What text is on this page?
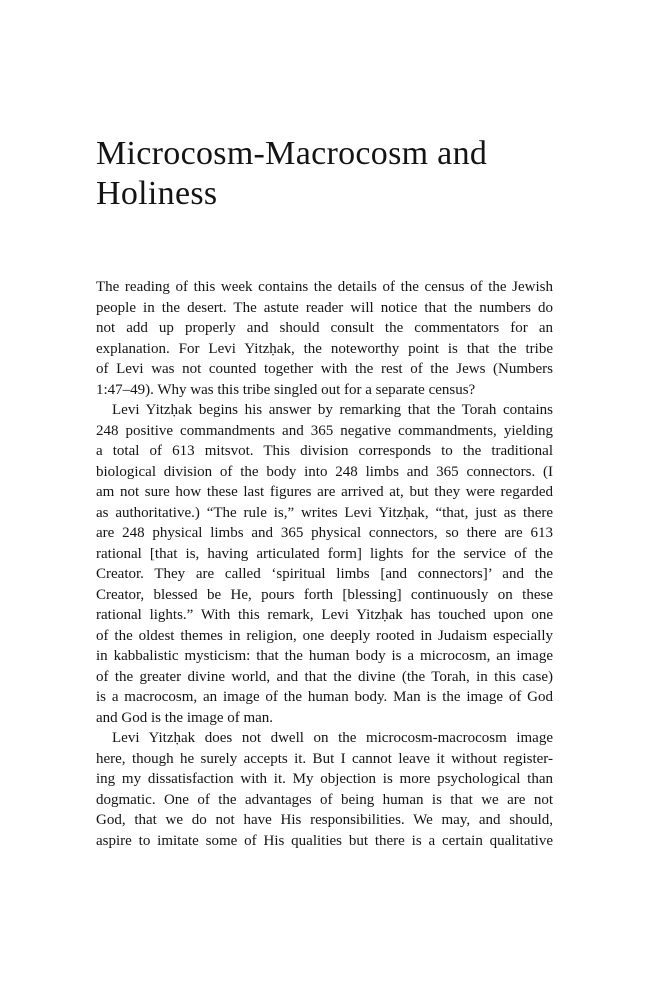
Microcosm-Macrocosm and
Holiness
The reading of this week contains the details of the census of the Jewish
people in the desert. The astute reader will notice that the numbers do
not add up properly and should consult the commentators for an
explanation. For Levi Yitzḥak, the noteworthy point is that the tribe
of Levi was not counted together with the rest of the Jews (Numbers
1:47–49). Why was this tribe singled out for a separate census?
Levi Yitzḥak begins his answer by remarking that the Torah contains
248 positive commandments and 365 negative commandments, yielding
a total of 613 mitsvot. This division corresponds to the traditional
biological division of the body into 248 limbs and 365 connectors. (I
am not sure how these last figures are arrived at, but they were regarded
as authoritative.) “The rule is,” writes Levi Yitzḥak, “that, just as there
are 248 physical limbs and 365 physical connectors, so there are 613
rational [that is, having articulated form] lights for the service of the
Creator. They are called ‘spiritual limbs [and connectors]’ and the
Creator, blessed be He, pours forth [blessing] continuously on these
rational lights.” With this remark, Levi Yitzḥak has touched upon one
of the oldest themes in religion, one deeply rooted in Judaism especially
in kabbalistic mysticism: that the human body is a microcosm, an image
of the greater divine world, and that the divine (the Torah, in this case)
is a macrocosm, an image of the human body. Man is the image of God
and God is the image of man.
Levi Yitzḥak does not dwell on the microcosm-macrocosm image
here, though he surely accepts it. But I cannot leave it without register-
ing my dissatisfaction with it. My objection is more psychological than
dogmatic. One of the advantages of being human is that we are not
God, that we do not have His responsibilities. We may, and should,
aspire to imitate some of His qualities but there is a certain qualitative
